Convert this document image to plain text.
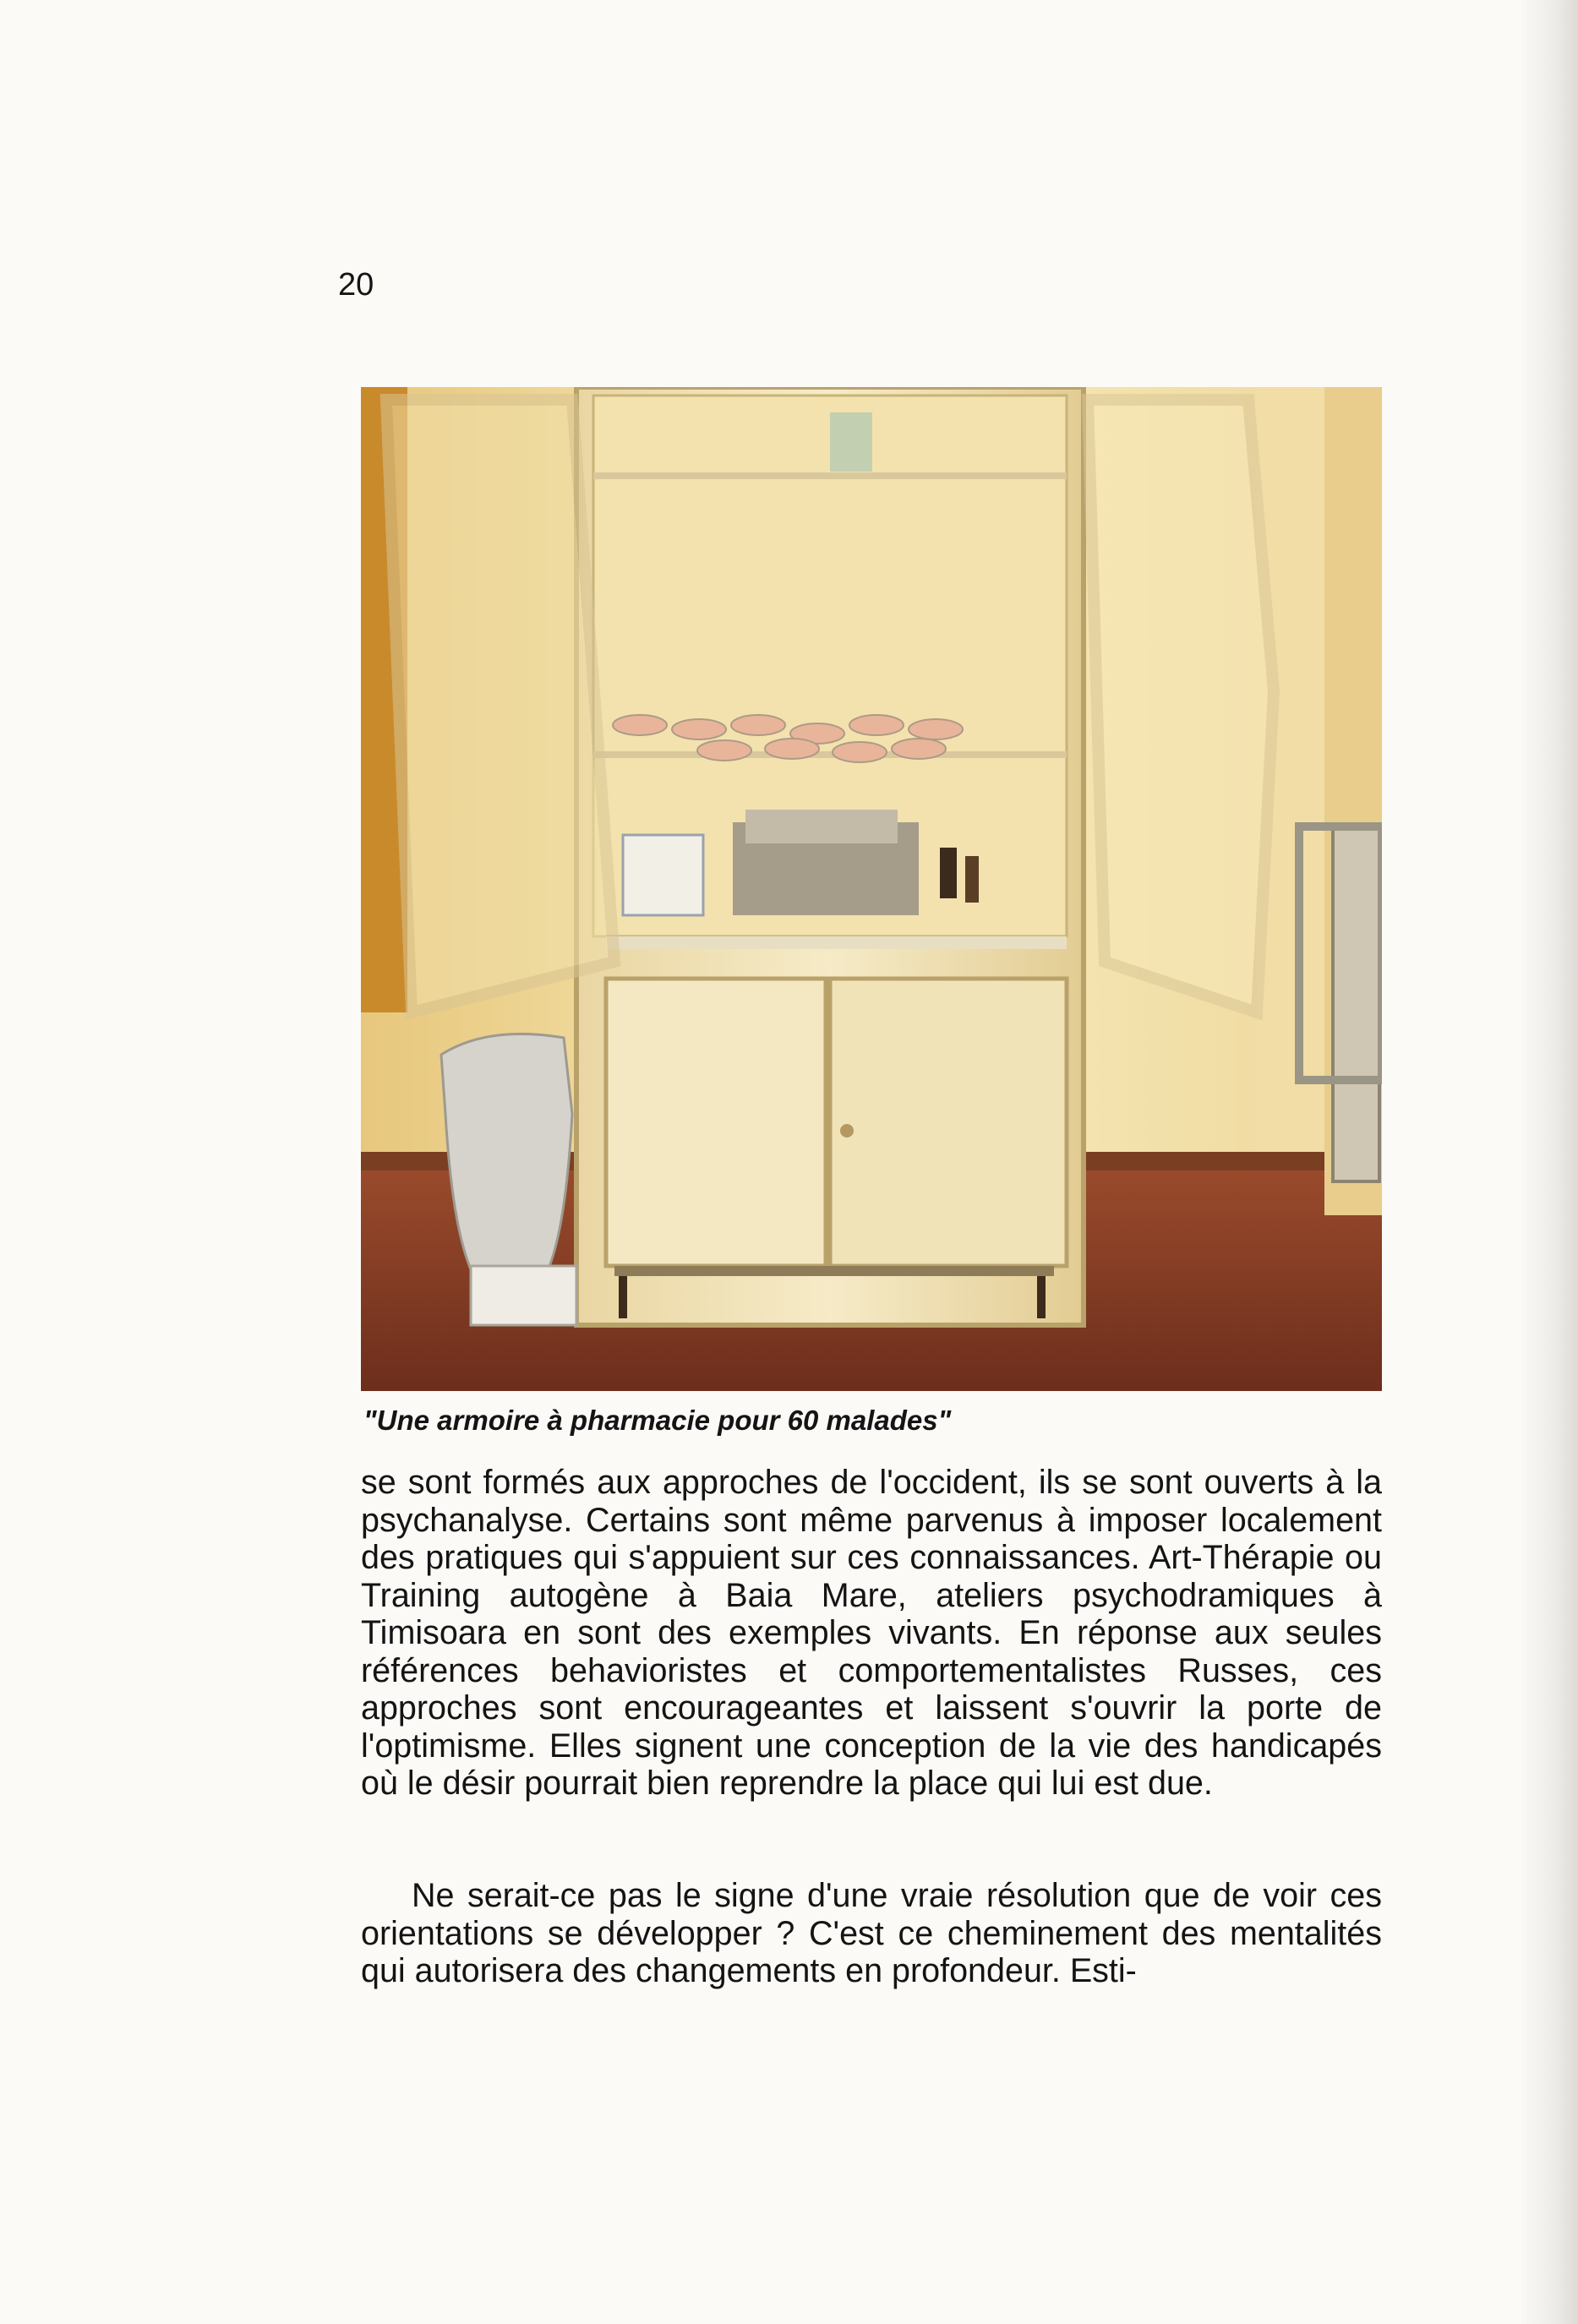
20
"Une armoire à pharmacie pour 60 malades"

se sont formés aux approches de l'occident, ils se sont ouverts à la psychanalyse. Certains sont même parvenus à imposer localement des pratiques qui s'appuient sur ces connaissances. Art-Thérapie ou Training autogène à Baia Mare, ateliers psychodramiques à Timisoara en sont des exemples vivants. En réponse aux seules références behavioristes et comportementalistes Russes, ces approches sont encourageantes et laissent s'ouvrir la porte de l'optimisme. Elles signent une conception de la vie des handicapés où le désir pourrait bien reprendre la place qui lui est due.

Ne serait-ce pas le signe d'une vraie résolution que de voir ces orientations se développer ? C'est ce cheminement des mentalités qui autorisera des changements en profondeur. Esti-
